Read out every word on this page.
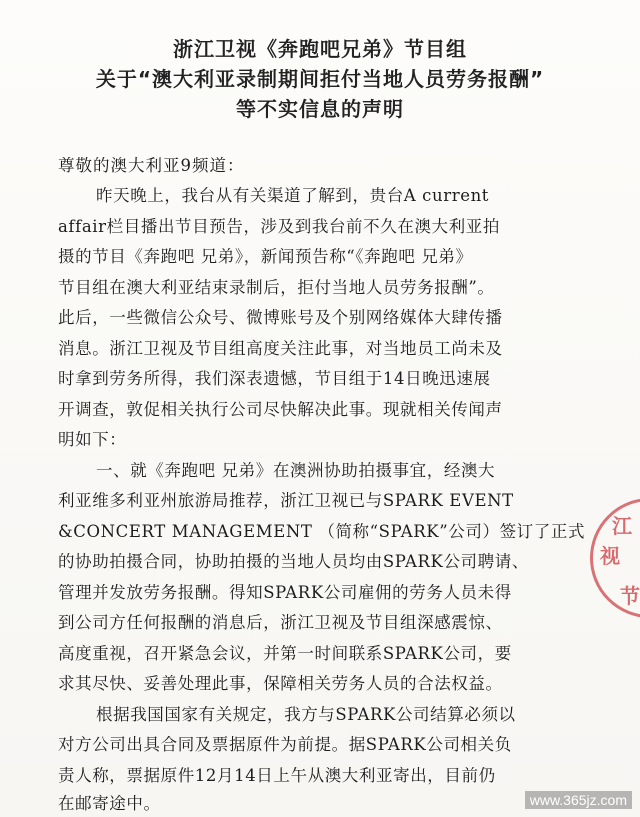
浙江卫视《奔跑吧兄弟》节目组
关于“澳大利亚录制期间拒付当地人员劳务报酬”
等不实信息的声明
尊敬的澳大利亚9频道：
昨天晚上，我台从有关渠道了解到，贵台A current
affair栏目播出节目预告，涉及到我台前不久在澳大利亚拍
摄的节目《奔跑吧 兄弟》，新闻预告称“《奔跑吧 兄弟》
节目组在澳大利亚结束录制后，拒付当地人员劳务报酬”。
此后，一些微信公众号、微博账号及个别网络媒体大肆传播
消息。浙江卫视及节目组高度关注此事，对当地员工尚未及
时拿到劳务所得，我们深表遗憾，节目组于14日晚迅速展
开调查，敦促相关执行公司尽快解决此事。现就相关传闻声
明如下：
一、就《奔跑吧 兄弟》在澳洲协助拍摄事宜，经澳大
利亚维多利亚州旅游局推荐，浙江卫视已与SPARK EVENT
&CONCERT MANAGEMENT （简称“SPARK”公司）签订了正式
的协助拍摄合同，协助拍摄的当地人员均由SPARK公司聘请、
管理并发放劳务报酬。得知SPARK公司雇佣的劳务人员未得
到公司方任何报酬的消息后，浙江卫视及节目组深感震惊、
高度重视，召开紧急会议，并第一时间联系SPARK公司，要
求其尽快、妥善处理此事，保障相关劳务人员的合法权益。
根据我国国家有关规定，我方与SPARK公司结算必须以
对方公司出具合同及票据原件为前提。据SPARK公司相关负
责人称，票据原件12月14日上午从澳大利亚寄出，目前仍
江
视
节
www.365jz.com
在邮寄途中。
